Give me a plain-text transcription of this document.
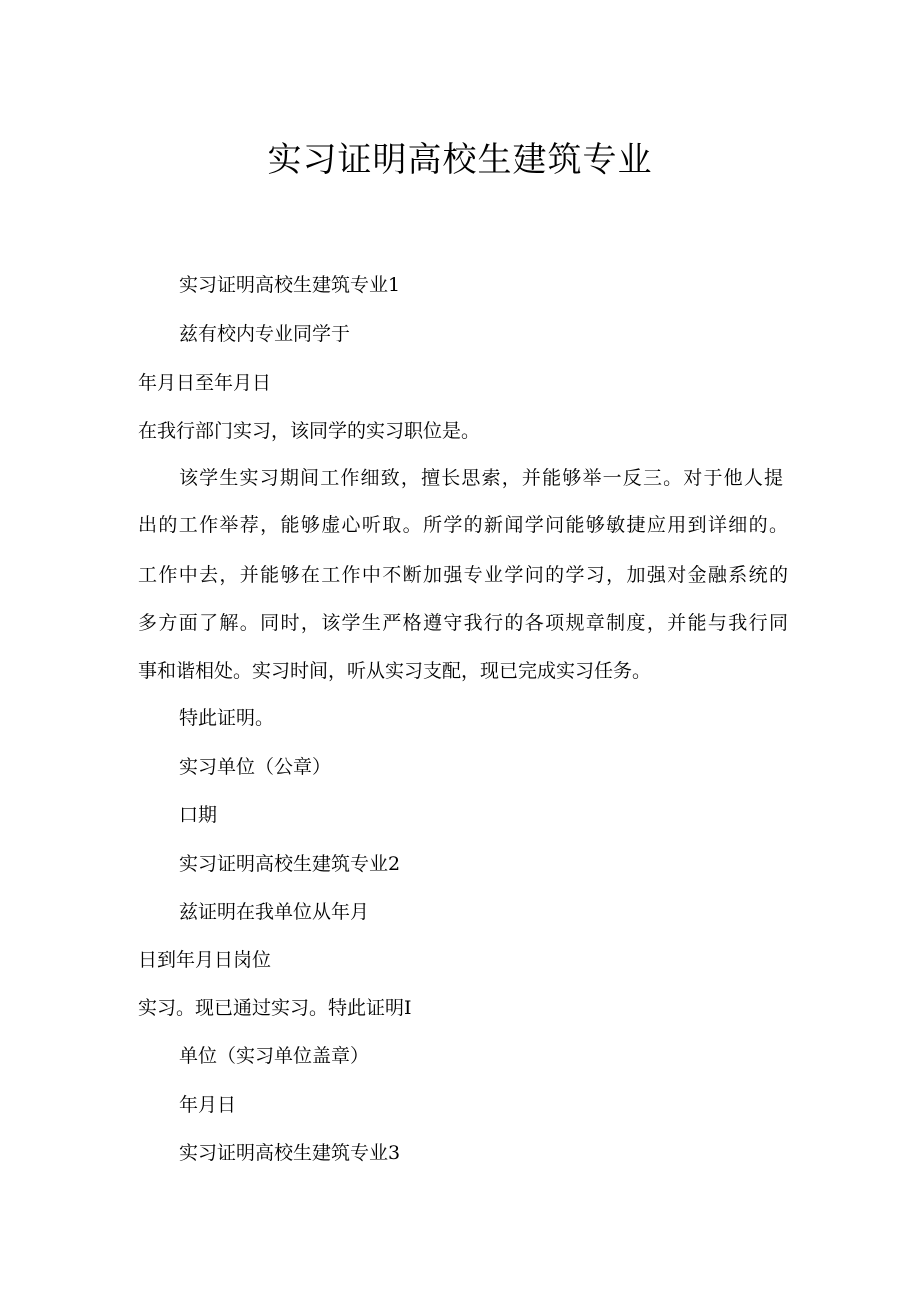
实习证明高校生建筑专业
实习证明高校生建筑专业1
兹有校内专业同学于
年月日至年月日
在我行部门实习，该同学的实习职位是。
该学生实习期间工作细致，擅长思索，并能够举一反三。对于他人提
出的工作举荐，能够虚心听取。所学的新闻学问能够敏捷应用到详细的。
工作中去，并能够在工作中不断加强专业学问的学习，加强对金融系统的
多方面了解。同时，该学生严格遵守我行的各项规章制度，并能与我行同
事和谐相处。实习时间，听从实习支配，现已完成实习任务。
特此证明。
实习单位（公章）
口期
实习证明高校生建筑专业2
兹证明在我单位从年月
日到年月日岗位
实习。现已通过实习。特此证明I
单位（实习单位盖章）
年月日
实习证明高校生建筑专业3
